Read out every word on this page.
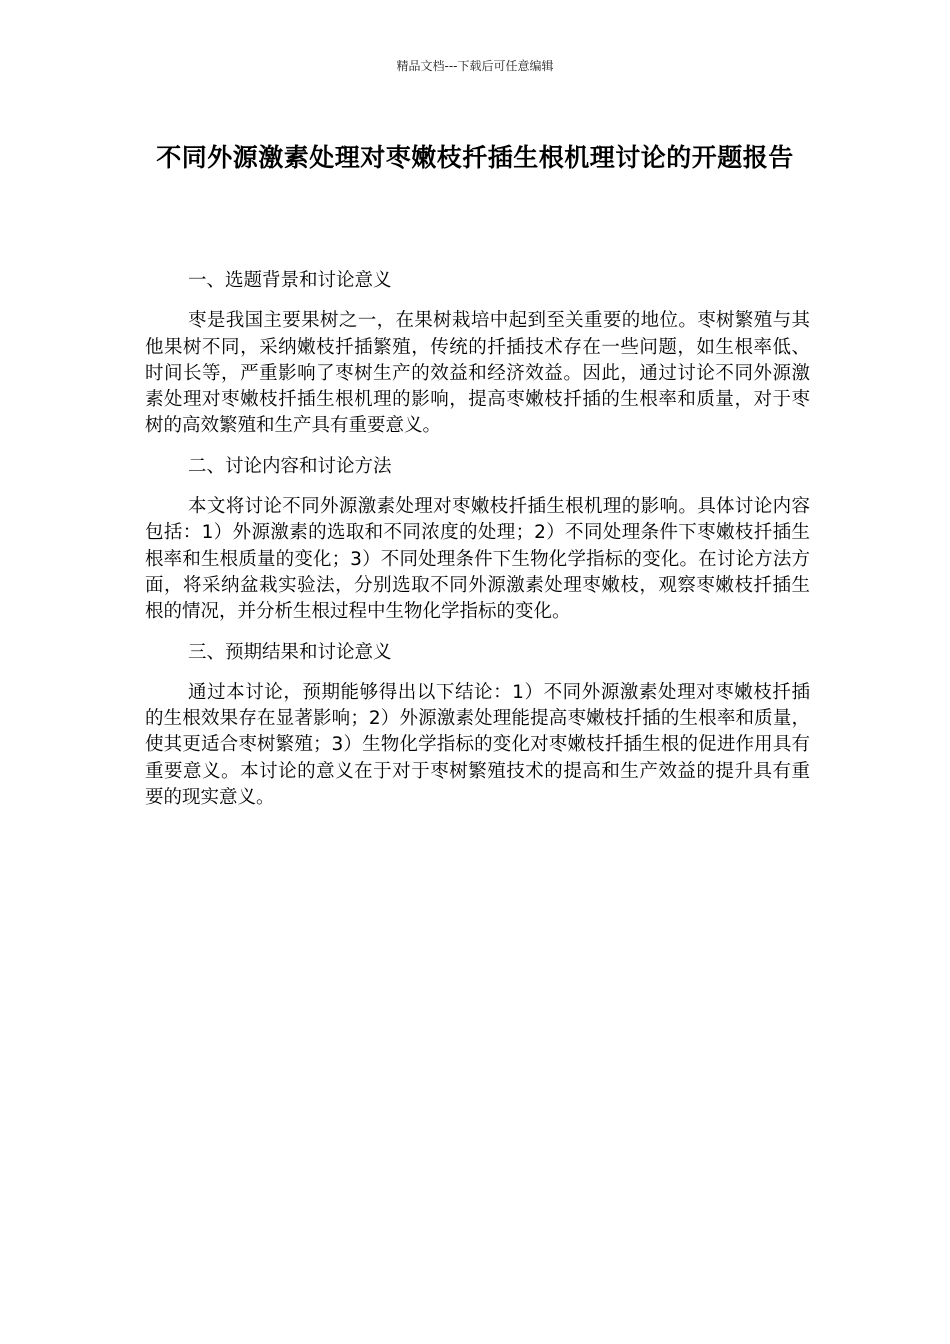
精品文档---下载后可任意编辑
不同外源激素处理对枣嫩枝扦插生根机理讨论的开题报告

一、选题背景和讨论意义

枣是我国主要果树之一，在果树栽培中起到至关重要的地位。枣树繁殖与其他果树不同，采纳嫩枝扦插繁殖，传统的扦插技术存在一些问题，如生根率低、时间长等，严重影响了枣树生产的效益和经济效益。因此，通过讨论不同外源激素处理对枣嫩枝扦插生根机理的影响，提高枣嫩枝扦插的生根率和质量，对于枣树的高效繁殖和生产具有重要意义。

二、讨论内容和讨论方法

本文将讨论不同外源激素处理对枣嫩枝扦插生根机理的影响。具体讨论内容包括：1）外源激素的选取和不同浓度的处理；2）不同处理条件下枣嫩枝扦插生根率和生根质量的变化；3）不同处理条件下生物化学指标的变化。在讨论方法方面，将采纳盆栽实验法，分别选取不同外源激素处理枣嫩枝，观察枣嫩枝扦插生根的情况，并分析生根过程中生物化学指标的变化。

三、预期结果和讨论意义

通过本讨论，预期能够得出以下结论：1）不同外源激素处理对枣嫩枝扦插的生根效果存在显著影响；2）外源激素处理能提高枣嫩枝扦插的生根率和质量，使其更适合枣树繁殖；3）生物化学指标的变化对枣嫩枝扦插生根的促进作用具有重要意义。本讨论的意义在于对于枣树繁殖技术的提高和生产效益的提升具有重要的现实意义。
